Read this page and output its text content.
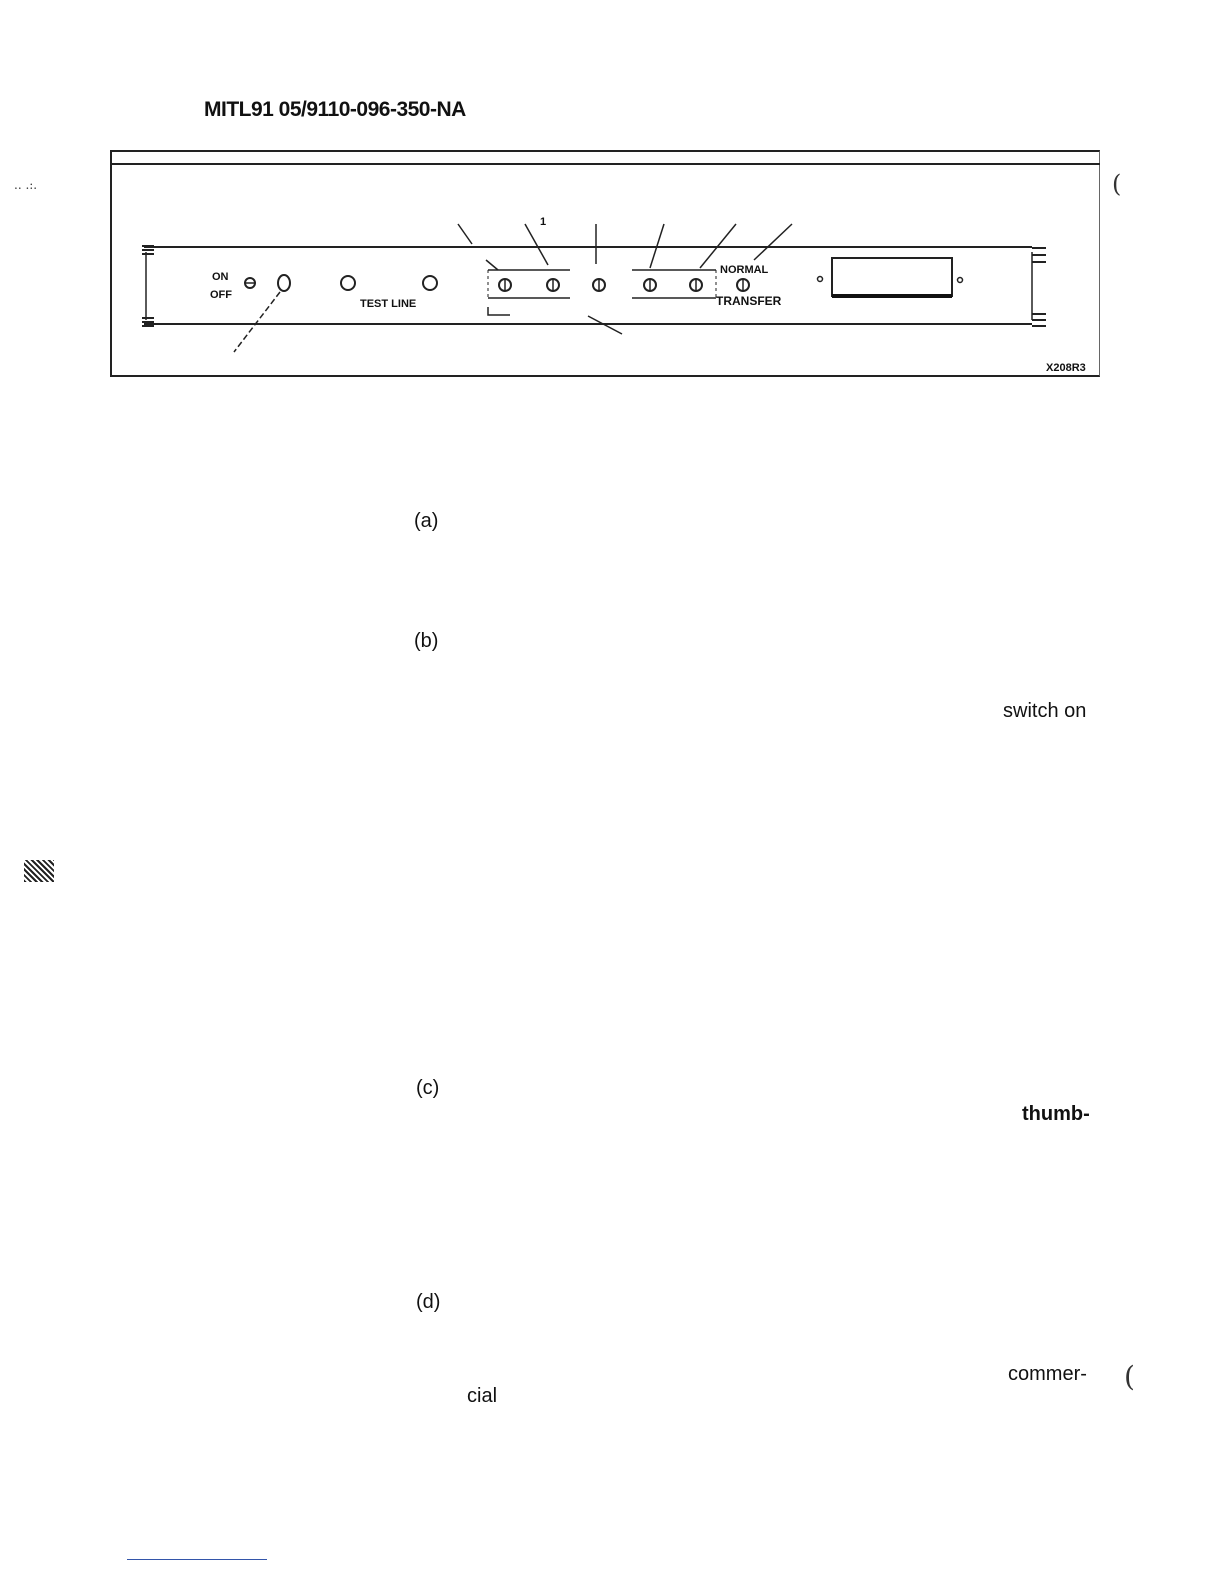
MITL91 05/9110-096-350-NA
.. .:.	(
1
ON
OFF
TEST LINE
NORMAL
TRANSFER
X208R3
(a)
(b)
switch on
(c)
thumb-
(d)
commer-
cial
(
